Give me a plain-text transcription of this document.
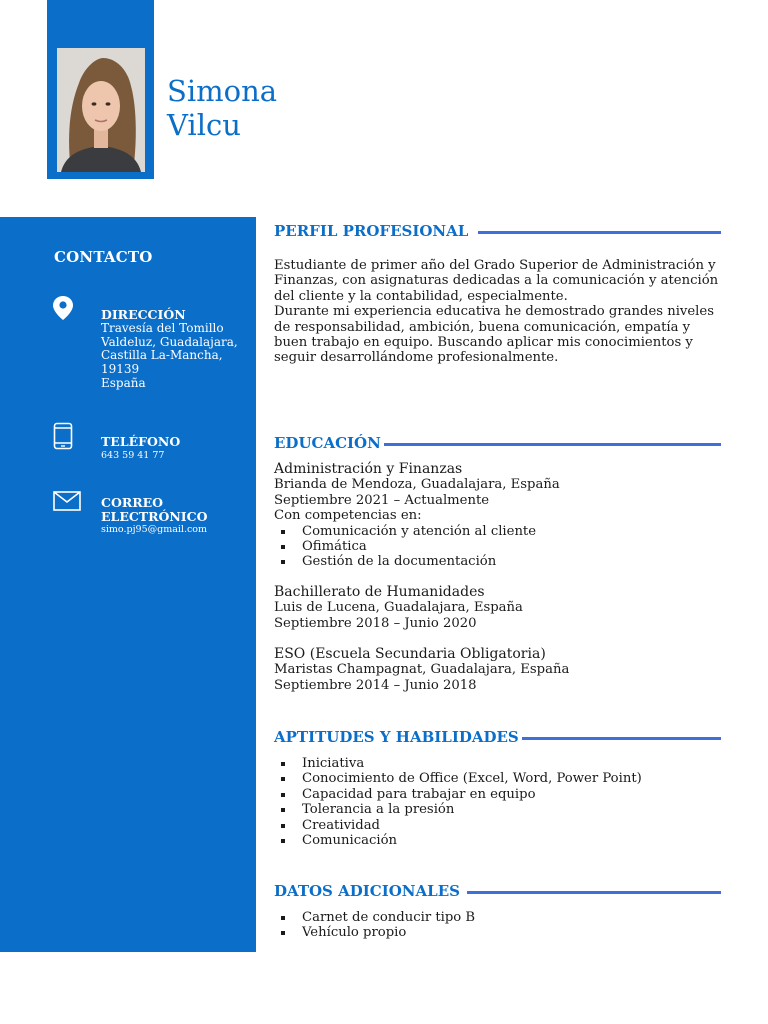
Simona
Vilcu
CONTACTO
DIRECCIÓN
Travesía del Tomillo
Valdeluz, Guadalajara,
Castilla La-Mancha,
19139
España
TELÉFONO
643 59 41 77
CORREO
ELECTRÓNICO
simo.pj95@gmail.com
PERFIL PROFESIONAL

Estudiante de primer año del Grado Superior de Administración y Finanzas, con asignaturas dedicadas a la comunicación y atención del cliente y la contabilidad, especialmente.

Durante mi experiencia educativa he demostrado grandes niveles de responsabilidad, ambición, buena comunicación, empatía y buen trabajo en equipo. Buscando aplicar mis conocimientos y seguir desarrollándome profesionalmente.

EDUCACIÓN

Administración y Finanzas

Brianda de Mendoza, Guadalajara, España

Septiembre 2021 – Actualmente

Con competencias en:

Comunicación y atención al cliente
Ofimática
Gestión de la documentación

Bachillerato de Humanidades

Luis de Lucena, Guadalajara, España

Septiembre 2018 – Junio 2020

ESO (Escuela Secundaria Obligatoria)

Maristas Champagnat, Guadalajara, España

Septiembre 2014 – Junio 2018

APTITUDES Y HABILIDADES
Iniciativa
Conocimiento de Office (Excel, Word, Power Point)
Capacidad para trabajar en equipo
Tolerancia a la presión
Creatividad
Comunicación
DATOS ADICIONALES
Carnet de conducir tipo B
Vehículo propio
